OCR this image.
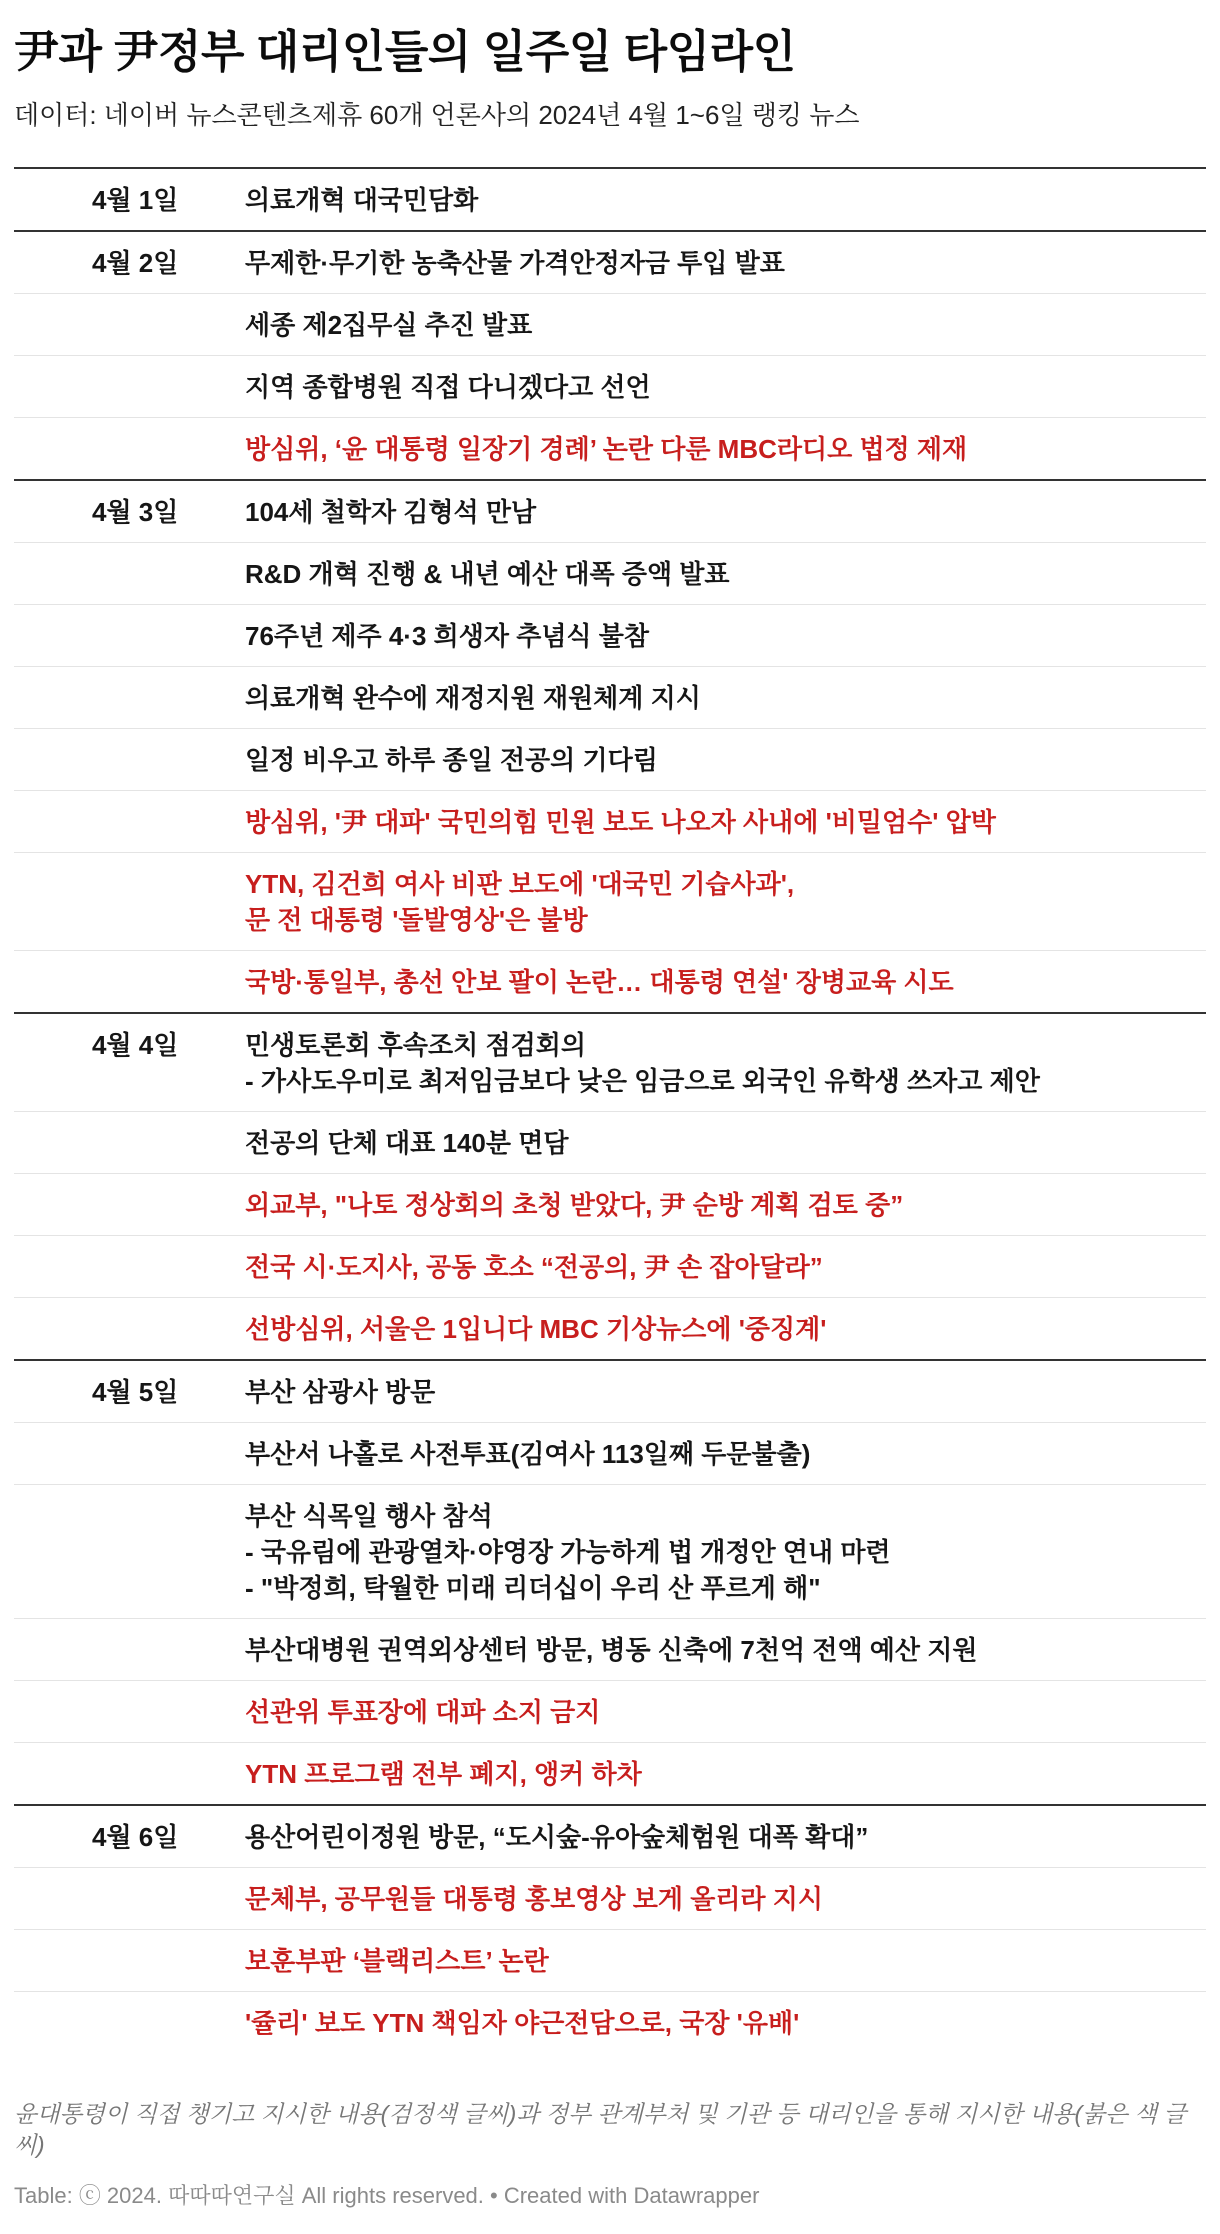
尹과 尹정부 대리인들의 일주일 타임라인
데이터: 네이버 뉴스콘텐츠제휴 60개 언론사의 2024년 4월 1~6일 랭킹 뉴스
4월 1일	의료개혁 대국민담화

4월 2일	무제한·무기한 농축산물 가격안정자금 투입 발표

	세종 제2집무실 추진 발표

	지역 종합병원 직접 다니겠다고 선언

	방심위, ‘윤 대통령 일장기 경례’ 논란 다룬 MBC라디오 법정 제재

4월 3일	104세 철학자 김형석 만남

	R&D 개혁 진행 & 내년 예산 대폭 증액 발표

	76주년 제주 4·3 희생자 추념식 불참

	의료개혁 완수에 재정지원 재원체계 지시

	일정 비우고 하루 종일 전공의 기다림

	방심위, '尹 대파' 국민의힘 민원 보도 나오자 사내에 '비밀엄수' 압박

	YTN, 김건희 여사 비판 보도에 '대국민 기습사과',
문 전 대통령 '돌발영상'은 불방

	국방·통일부, 총선 안보 팔이 논란… 대통령 연설' 장병교육 시도

4월 4일	민생토론회 후속조치 점검회의
- 가사도우미로 최저임금보다 낮은 임금으로 외국인 유학생 쓰자고 제안

	전공의 단체 대표 140분 면담

	외교부, "나토 정상회의 초청 받았다, 尹 순방 계획 검토 중”

	전국 시·도지사, 공동 호소 “전공의, 尹 손 잡아달라”

	선방심위, 서울은 1입니다 MBC 기상뉴스에 '중징계'

4월 5일	부산 삼광사 방문

	부산서 나홀로 사전투표(김여사 113일째 두문불출)

	부산 식목일 행사 참석
- 국유림에 관광열차·야영장 가능하게 법 개정안 연내 마련
- "박정희, 탁월한 미래 리더십이 우리 산 푸르게 해"

	부산대병원 권역외상센터 방문, 병동 신축에 7천억 전액 예산 지원

	선관위 투표장에 대파 소지 금지

	YTN 프로그램 전부 폐지, 앵커 하차

4월 6일	용산어린이정원 방문, “도시숲-유아숲체험원 대폭 확대”

	문체부, 공무원들 대통령 홍보영상 보게 올리라 지시

	보훈부판 ‘블랙리스트’ 논란

	'쥴리' 보도 YTN 책임자 야근전담으로, 국장 '유배'
윤대통령이 직접 챙기고 지시한 내용(검정색 글씨)과 정부 관계부처 및 기관 등 대리인을 통해 지시한 내용(붉은 색 글씨)
Table: ⓒ 2024. 따따따연구실 All rights reserved. • Created with Datawrapper
